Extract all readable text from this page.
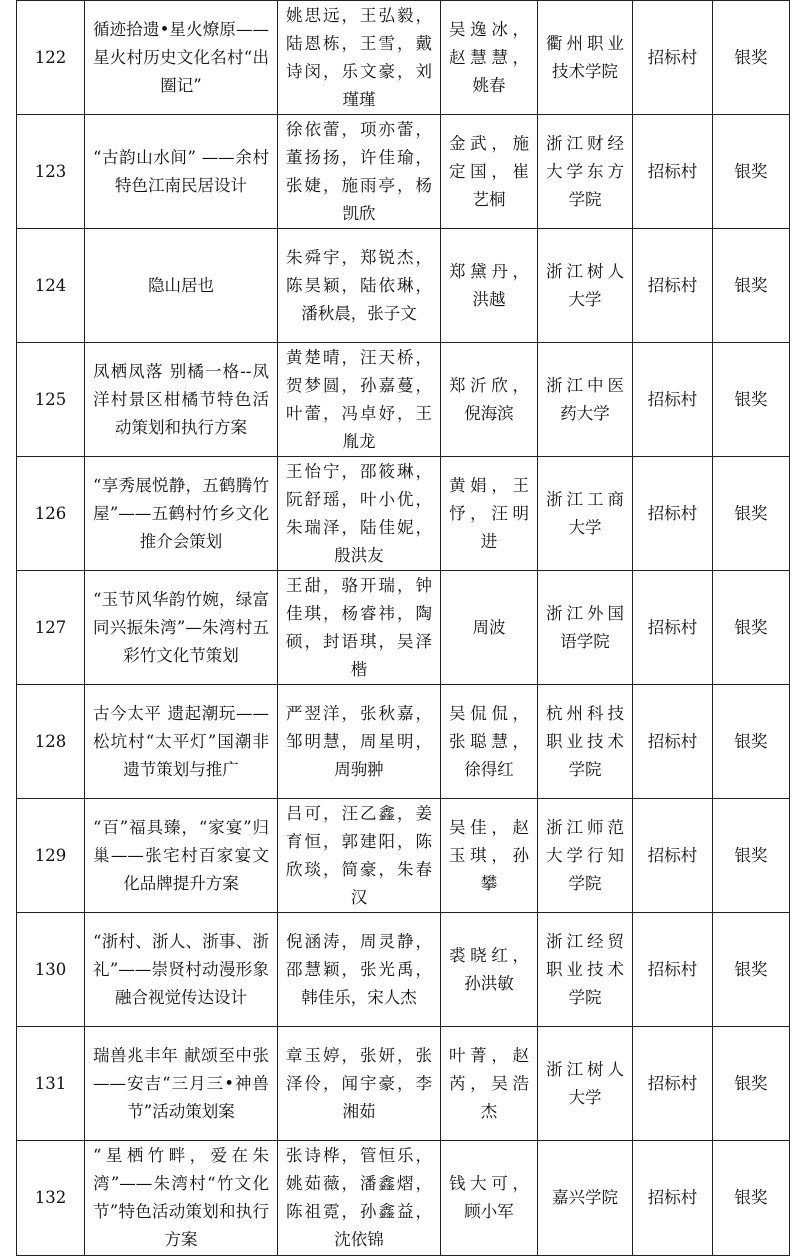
122	循迹拾遗•星火燎原——星火村历史文化名村“出圈记”	姚思远，王弘毅，陆恩栋，王雪，戴诗闵，乐文豪，刘瑾瑾	吴逸冰，赵慧慧，姚春	衢州职业技术学院	招标村	银奖
123	“古韵山水间” ——余村特色江南民居设计	徐依蕾，项亦蕾，董扬扬，许佳瑜，张婕，施雨亭，杨凯欣	金武，施定国，崔艺桐	浙江财经大学东方学院	招标村	银奖
124	隐山居也	朱舜宇，郑锐杰，陈昊颖，陆依琳，潘秋晨，张子文	郑黛丹，洪越	浙江树人大学	招标村	银奖
125	凤栖凤落 别橘一格--凤洋村景区柑橘节特色活动策划和执行方案	黄楚晴，汪天桥，贺梦圆，孙嘉蔓，叶蕾，冯卓妤，王胤龙	郑沂欣，倪海滨	浙江中医药大学	招标村	银奖
126	“享秀展悦静，五鹤腾竹屋”——五鹤村竹乡文化推介会策划	王怡宁，邵筱琳，阮舒瑶，叶小优，朱瑞泽，陆佳妮，殷洪友	黄娟，王忬，汪明进	浙江工商大学	招标村	银奖
127	“玉节风华韵竹婉，绿富同兴振朱湾”—朱湾村五彩竹文化节策划	王甜，骆开瑞，钟佳琪，杨睿祎，陶硕，封语琪，吴泽楷	周波	浙江外国语学院	招标村	银奖
128	古今太平 遗起潮玩——松坑村“太平灯”国潮非遗节策划与推广	严翌洋，张秋嘉，邹明慧，周星明，周驹翀	吴侃侃，张聪慧，徐得红	杭州科技职业技术学院	招标村	银奖
129	“百”福具臻，“家宴”归巢——张宅村百家宴文化品牌提升方案	吕可，汪乙鑫，姜育恒，郭建阳，陈欣琰，简豪，朱春汉	吴佳，赵玉琪，孙攀	浙江师范大学行知学院	招标村	银奖
130	“浙村、浙人、浙事、浙礼”——崇贤村动漫形象融合视觉传达设计	倪涵涛，周灵静，邵慧颖，张光禹，韩佳乐，宋人杰	裘晓红，孙洪敏	浙江经贸职业技术学院	招标村	银奖
131	瑞兽兆丰年 献颂至中张——安吉“三月三•神兽节”活动策划案	章玉婷，张妍，张泽伶，闻宇豪，李湘茹	叶菁，赵芮，吴浩杰	浙江树人大学	招标村	银奖
132	“星栖竹畔，爱在朱湾”——朱湾村“竹文化节”特色活动策划和执行方案	张诗桦，管恒乐，姚茹薇，潘鑫熠，陈祖霓，孙鑫益，沈依锦	钱大可，顾小军	嘉兴学院	招标村	银奖
